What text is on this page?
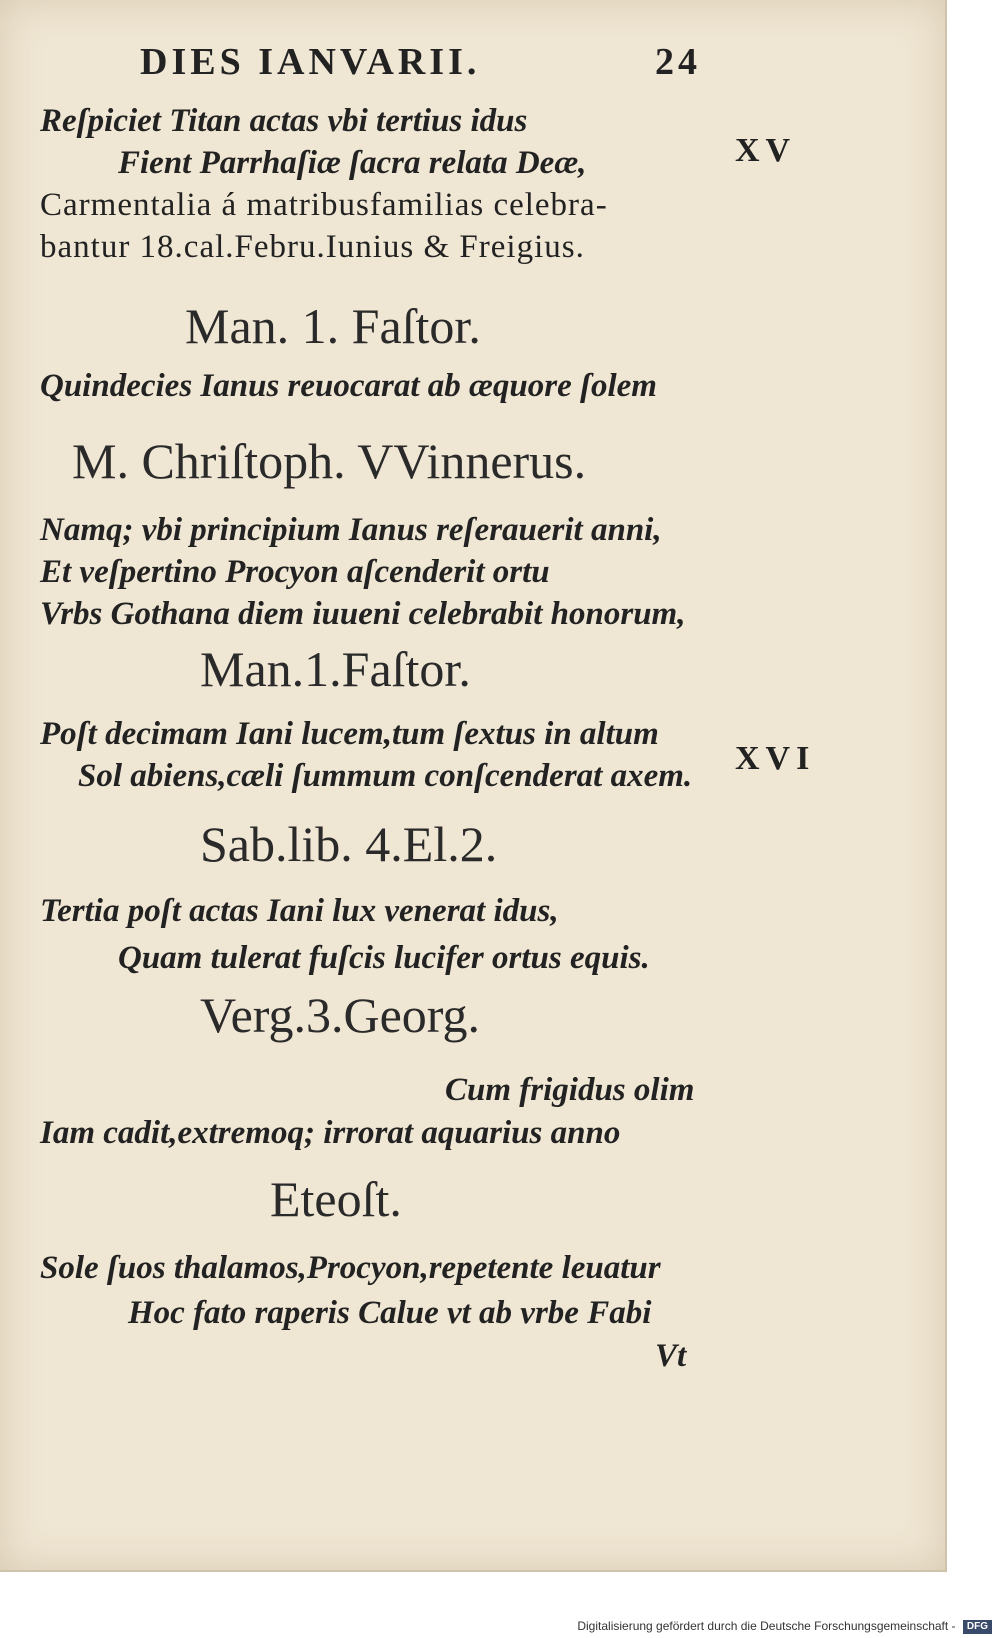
DIES IANVARII.	24

XV

XVI

Reſpiciet Titan actas vbi tertius idus

Fient Parrhaſiæ ſacra relata Deæ,

Carmentalia á matribusfamilias celebra-

bantur 18.cal.Febru.Iunius & Freigius.

Man. 1. Faſtor.

Quindecies Ianus reuocarat ab æquore ſolem

M. Chriſtoph. VVinnerus.

Namq; vbi principium Ianus reſerauerit anni,

Et veſpertino Procyon aſcenderit ortu

Vrbs Gothana diem iuueni celebrabit honorum,

Man.1.Faſtor.

Poſt decimam Iani lucem,tum ſextus in altum

Sol abiens,cæli ſummum conſcenderat axem.

Sab.lib. 4.El.2.

Tertia poſt actas Iani lux venerat idus,

Quam tulerat fuſcis lucifer ortus equis.

Verg.3.Georg.

Cum frigidus olim

Iam cadit,extremoq; irrorat aquarius anno

Eteoſt.

Sole ſuos thalamos,Procyon,repetente leuatur

Hoc fato raperis Calue vt ab vrbe Fabi

Vt

Digitalisierung gefördert durch die Deutsche Forschungsgemeinschaft - DFG
